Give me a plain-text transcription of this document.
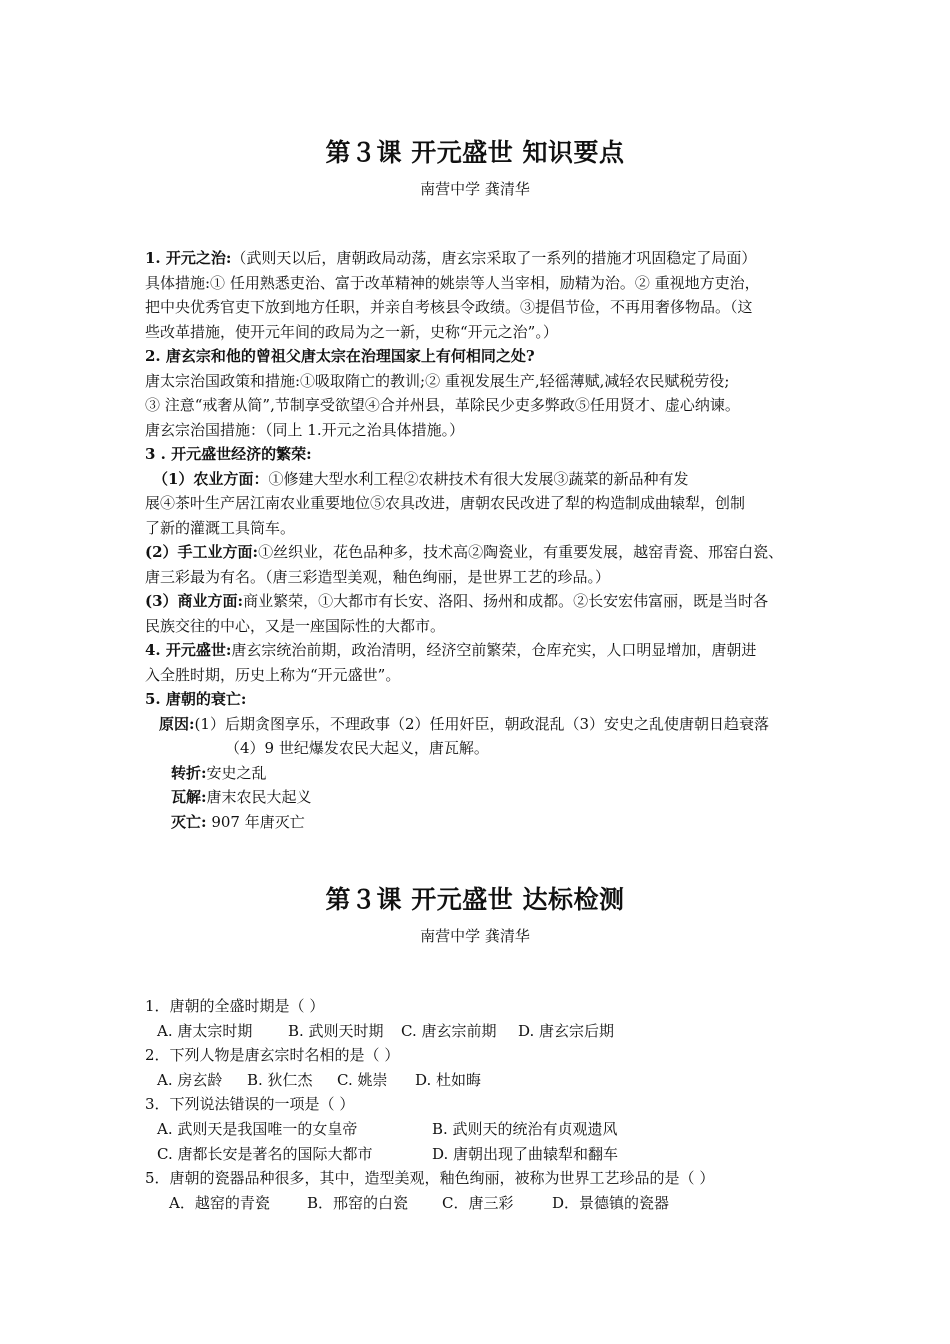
第３课 开元盛世 知识要点
南营中学 龚清华

1. 开元之治:（武则天以后，唐朝政局动荡，唐玄宗采取了一系列的措施才巩固稳定了局面）

具体措施:① 任用熟悉吏治、富于改革精神的姚崇等人当宰相，励精为治。② 重视地方吏治，

把中央优秀官吏下放到地方任职，并亲自考核县令政绩。③提倡节俭，不再用奢侈物品。（这

些改革措施，使开元年间的政局为之一新，史称“开元之治”。）

2. 唐玄宗和他的曾祖父唐太宗在治理国家上有何相同之处?

唐太宗治国政策和措施:①吸取隋亡的教训;② 重视发展生产,轻徭薄赋,减轻农民赋税劳役;

③ 注意“戒奢从简”,节制享受欲望④合并州县，革除民少吏多弊政⑤任用贤才、虚心纳谏。

唐玄宗治国措施：（同上 1.开元之治具体措施。）

3 . 开元盛世经济的繁荣:

（1）农业方面：①修建大型水利工程②农耕技术有很大发展③蔬菜的新品种有发

展④茶叶生产居江南农业重要地位⑤农具改进，唐朝农民改进了犁的构造制成曲辕犁，创制

了新的灌溉工具筒车。

(2）手工业方面:①丝织业，花色品种多，技术高②陶瓷业，有重要发展，越窑青瓷、邢窑白瓷、

唐三彩最为有名。（唐三彩造型美观，釉色绚丽，是世界工艺的珍品。）

(3）商业方面:商业繁荣，①大都市有长安、洛阳、扬州和成都。②长安宏伟富丽，既是当时各

民族交往的中心，又是一座国际性的大都市。

4. 开元盛世:唐玄宗统治前期，政治清明，经济空前繁荣，仓库充实，人口明显增加，唐朝进

入全胜时期，历史上称为“开元盛世”。

5. 唐朝的衰亡:

原因:(1）后期贪图享乐，不理政事（2）任用奸臣，朝政混乱（3）安史之乱使唐朝日趋衰落

（4）9 世纪爆发农民大起义，唐瓦解。

转折:安史之乱

瓦解:唐末农民大起义

灭亡: 907 年唐灭亡

第３课 开元盛世 达标检测
南营中学 龚清华

1．唐朝的全盛时期是（ ）

A. 唐太宗时期 B. 武则天时期 C. 唐玄宗前期 D. 唐玄宗后期

2．下列人物是唐玄宗时名相的是（ ）

A. 房玄龄 B. 狄仁杰 C. 姚崇 D. 杜如晦

3．下列说法错误的一项是（ ）

A. 武则天是我国唯一的女皇帝	B. 武则天的统治有贞观遗风

C. 唐都长安是著名的国际大都市	D. 唐朝出现了曲辕犁和翻车

5．唐朝的瓷器品种很多，其中，造型美观，釉色绚丽，被称为世界工艺珍品的是（ ）

A．越窑的青瓷 B．邢窑的白瓷 C．唐三彩	D．景德镇的瓷器
